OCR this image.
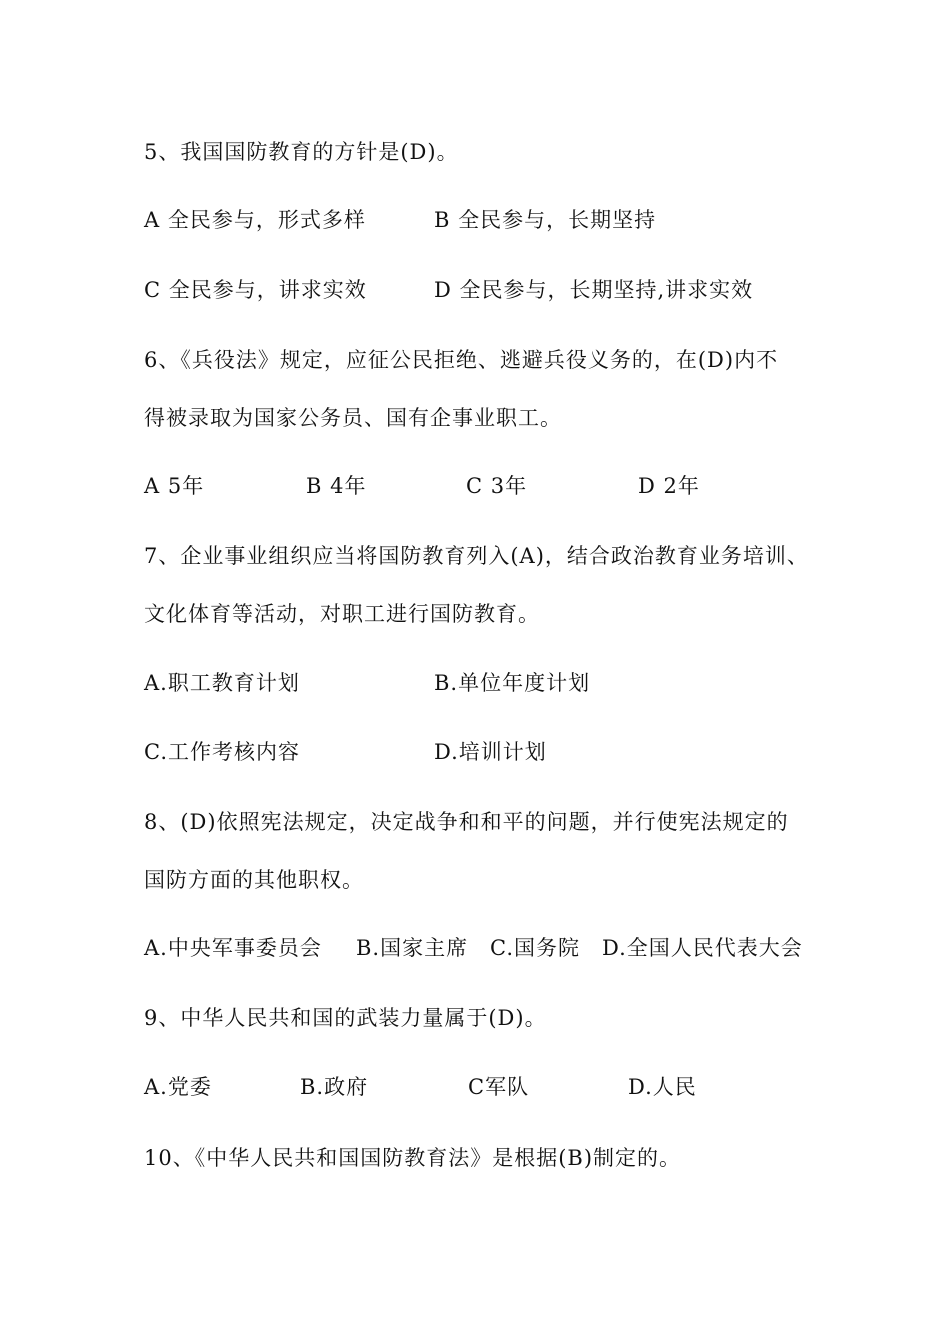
5、我国国防教育的方针是(D)。
A 全民参与，形式多样	B 全民参与，长期坚持
C 全民参与，讲求实效	D 全民参与，长期坚持,讲求实效
6、《兵役法》规定，应征公民拒绝、逃避兵役义务的，在(D)内不
得被录取为国家公务员、国有企事业职工。
A 5年	B 4年	C 3年	D 2年
7、企业事业组织应当将国防教育列入(A)，结合政治教育业务培训、
文化体育等活动，对职工进行国防教育。
A.职工教育计划	B.单位年度计划
C.工作考核内容	D.培训计划
8、(D)依照宪法规定，决定战争和和平的问题，并行使宪法规定的
国防方面的其他职权。
A.中央军事委员会 B.国家主席 C.国务院 D.全国人民代表大会
9、中华人民共和国的武装力量属于(D)。
A.党委	B.政府	C军队	D.人民
10、《中华人民共和国国防教育法》是根据(B)制定的。
